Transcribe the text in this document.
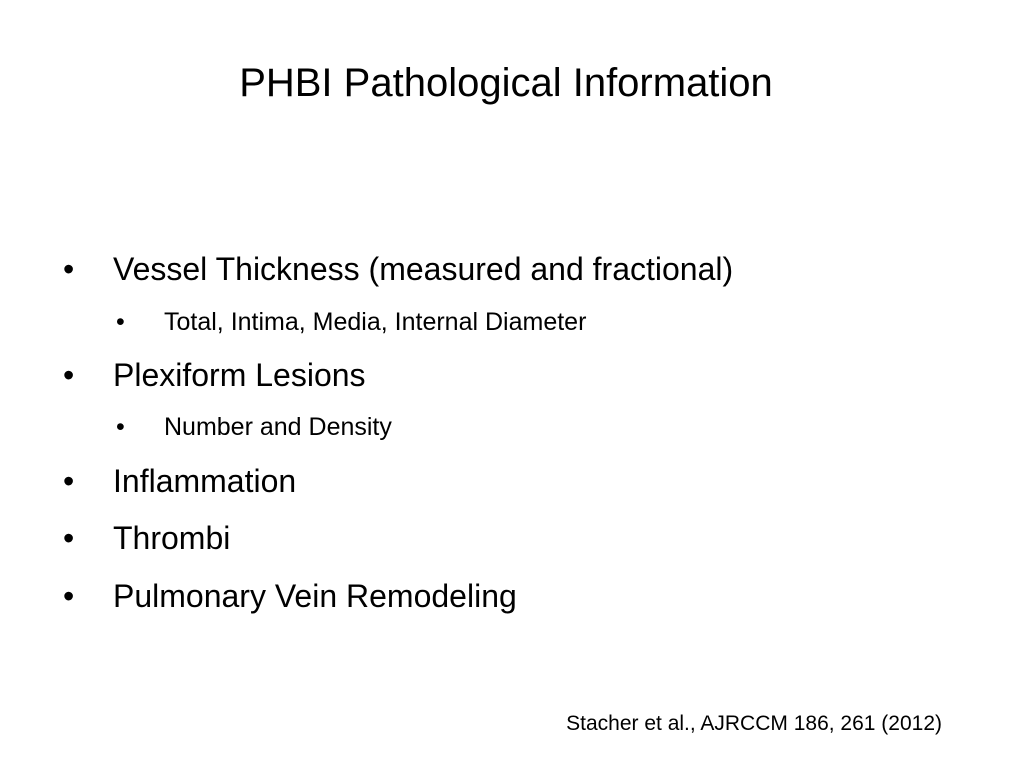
PHBI Pathological Information
• Vessel Thickness (measured and fractional)
• Total, Intima, Media, Internal Diameter
• Plexiform Lesions
• Number and Density
• Inflammation
• Thrombi
• Pulmonary Vein Remodeling
Stacher et al., AJRCCM 186, 261 (2012)
